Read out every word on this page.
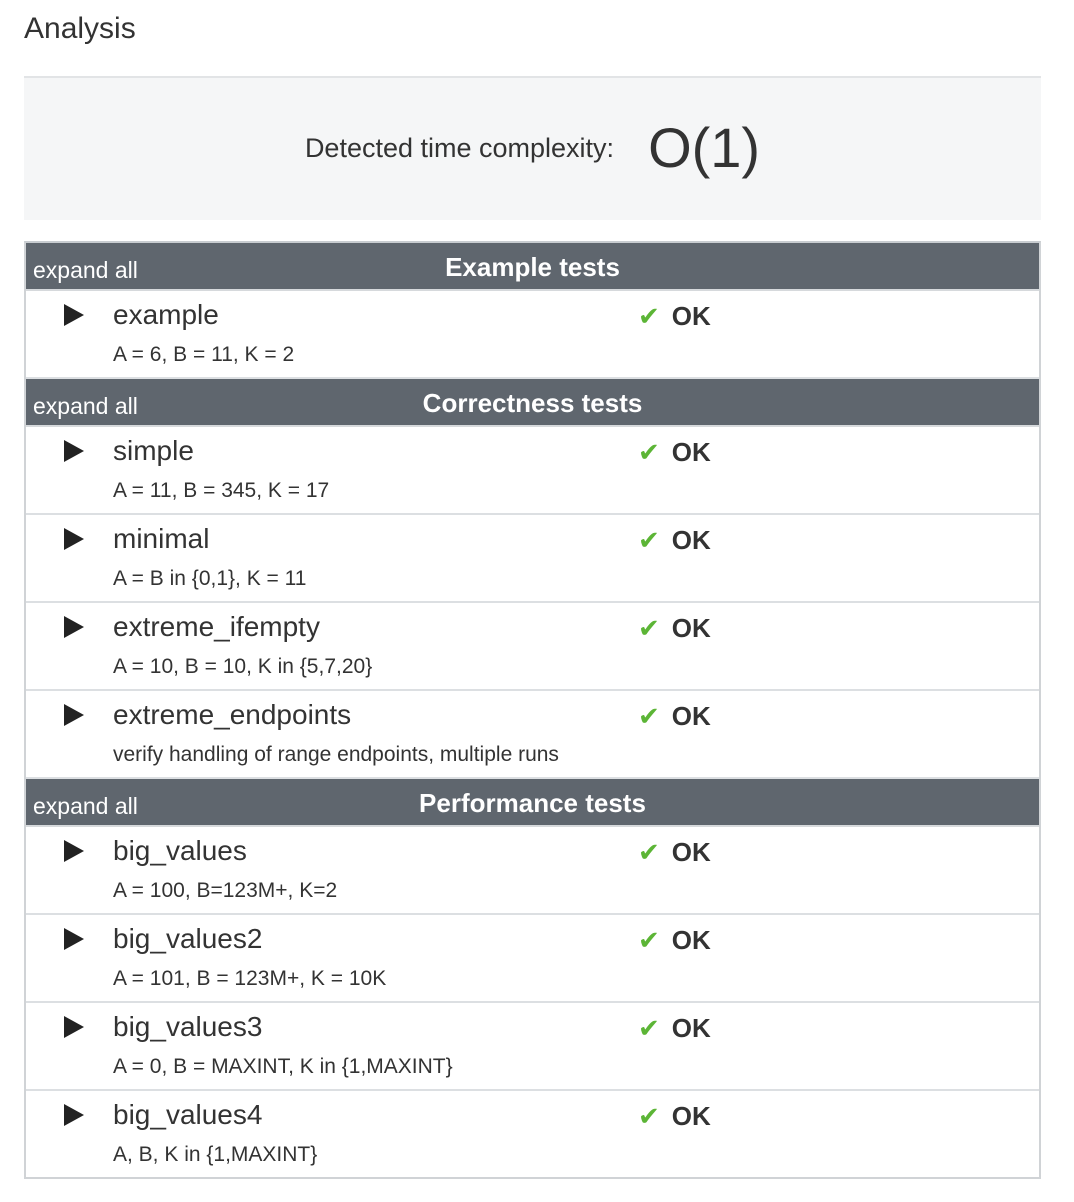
Analysis
Detected time complexity: O(1)
expand all	Example tests
example	✔ OK
A = 6, B = 11, K = 2
expand all	Correctness tests
simple	✔ OK
A = 11, B = 345, K = 17
minimal	✔ OK
A = B in {0,1}, K = 11
extreme_ifempty	✔ OK
A = 10, B = 10, K in {5,7,20}
extreme_endpoints	✔ OK
verify handling of range endpoints, multiple runs
expand all	Performance tests
big_values	✔ OK
A = 100, B=123M+, K=2
big_values2	✔ OK
A = 101, B = 123M+, K = 10K
big_values3	✔ OK
A = 0, B = MAXINT, K in {1,MAXINT}
big_values4	✔ OK
A, B, K in {1,MAXINT}
